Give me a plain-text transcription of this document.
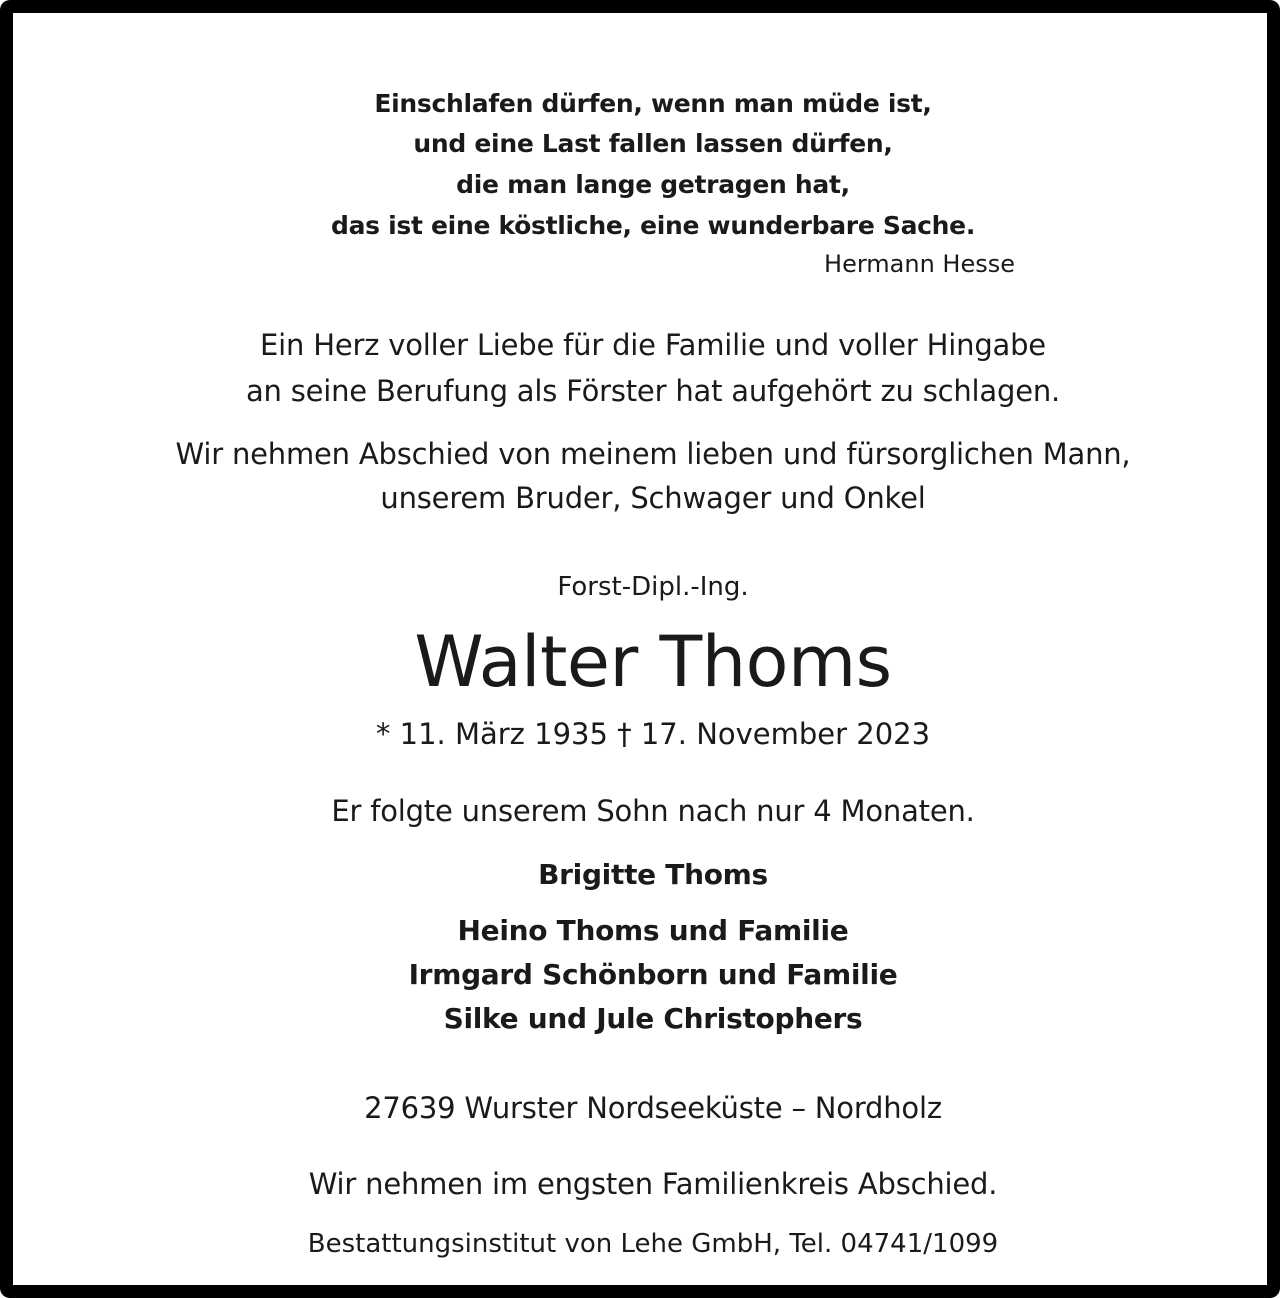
Einschlafen dürfen, wenn man müde ist,
und eine Last fallen lassen dürfen,
die man lange getragen hat,
das ist eine köstliche, eine wunderbare Sache.
Hermann Hesse
Ein Herz voller Liebe für die Familie und voller Hingabe
an seine Berufung als Förster hat aufgehört zu schlagen.
Wir nehmen Abschied von meinem lieben und fürsorglichen Mann,
unserem Bruder, Schwager und Onkel
Forst-Dipl.-Ing.
Walter Thoms
* 11. März 1935 † 17. November 2023
Er folgte unserem Sohn nach nur 4 Monaten.
Brigitte Thoms
Heino Thoms und Familie
Irmgard Schönborn und Familie
Silke und Jule Christophers
27639 Wurster Nordseeküste – Nordholz
Wir nehmen im engsten Familienkreis Abschied.
Bestattungsinstitut von Lehe GmbH, Tel. 04741/1099
